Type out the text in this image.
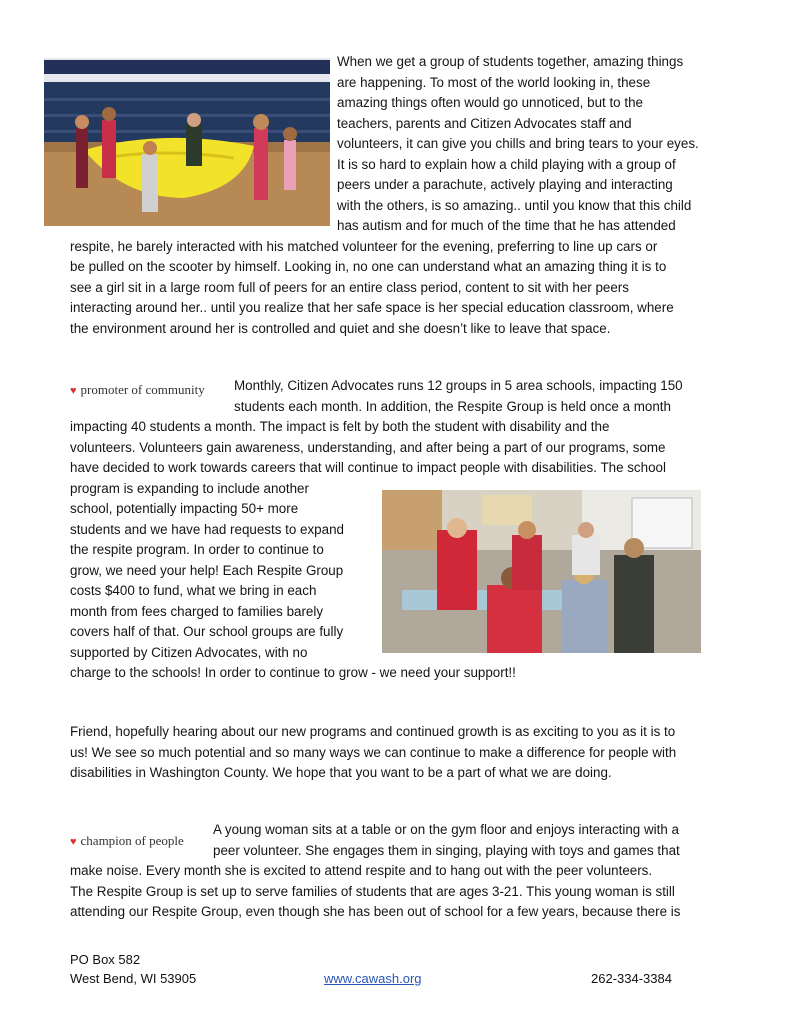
When we get a group of students together, amazing things
are happening. To most of the world looking in, these
amazing things often would go unnoticed, but to the
teachers, parents and Citizen Advocates staff and
volunteers, it can give you chills and bring tears to your eyes.
It is so hard to explain how a child playing with a group of
peers under a parachute, actively playing and interacting
with the others, is so amazing.. until you know that this child
has autism and for much of the time that he has attended
respite, he barely interacted with his matched volunteer for the evening, preferring to line up cars or
be pulled on the scooter by himself. Looking in, no one can understand what an amazing thing it is to
see a girl sit in a large room full of peers for an entire class period, content to sit with her peers
interacting around her.. until you realize that her safe space is her special education classroom, where
the environment around her is controlled and quiet and she doesn’t like to leave that space.
♥ promoter of community	Monthly, Citizen Advocates runs 12 groups in 5 area schools, impacting 150
students each month. In addition, the Respite Group is held once a month
impacting 40 students a month. The impact is felt by both the student with disability and the
volunteers. Volunteers gain awareness, understanding, and after being a part of our programs, some
have decided to work towards careers that will continue to impact people with disabilities. The school
program is expanding to include another
school, potentially impacting 50+ more
students and we have had requests to expand
the respite program. In order to continue to
grow, we need your help! Each Respite Group
costs $400 to fund, what we bring in each
month from fees charged to families barely
covers half of that. Our school groups are fully
supported by Citizen Advocates, with no
charge to the schools! In order to continue to grow - we need your support!!
Friend, hopefully hearing about our new programs and continued growth is as exciting to you as it is to
us! We see so much potential and so many ways we can continue to make a difference for people with
disabilities in Washington County. We hope that you want to be a part of what we are doing.
♥ champion of people
A young woman sits at a table or on the gym floor and enjoys interacting with a
peer volunteer. She engages them in singing, playing with toys and games that
make noise. Every month she is excited to attend respite and to hang out with the peer volunteers.
The Respite Group is set up to serve families of students that are ages 3-21. This young woman is still
attending our Respite Group, even though she has been out of school for a few years, because there is
PO Box 582
West Bend, WI 53905	www.cawash.org	262-334-3384
